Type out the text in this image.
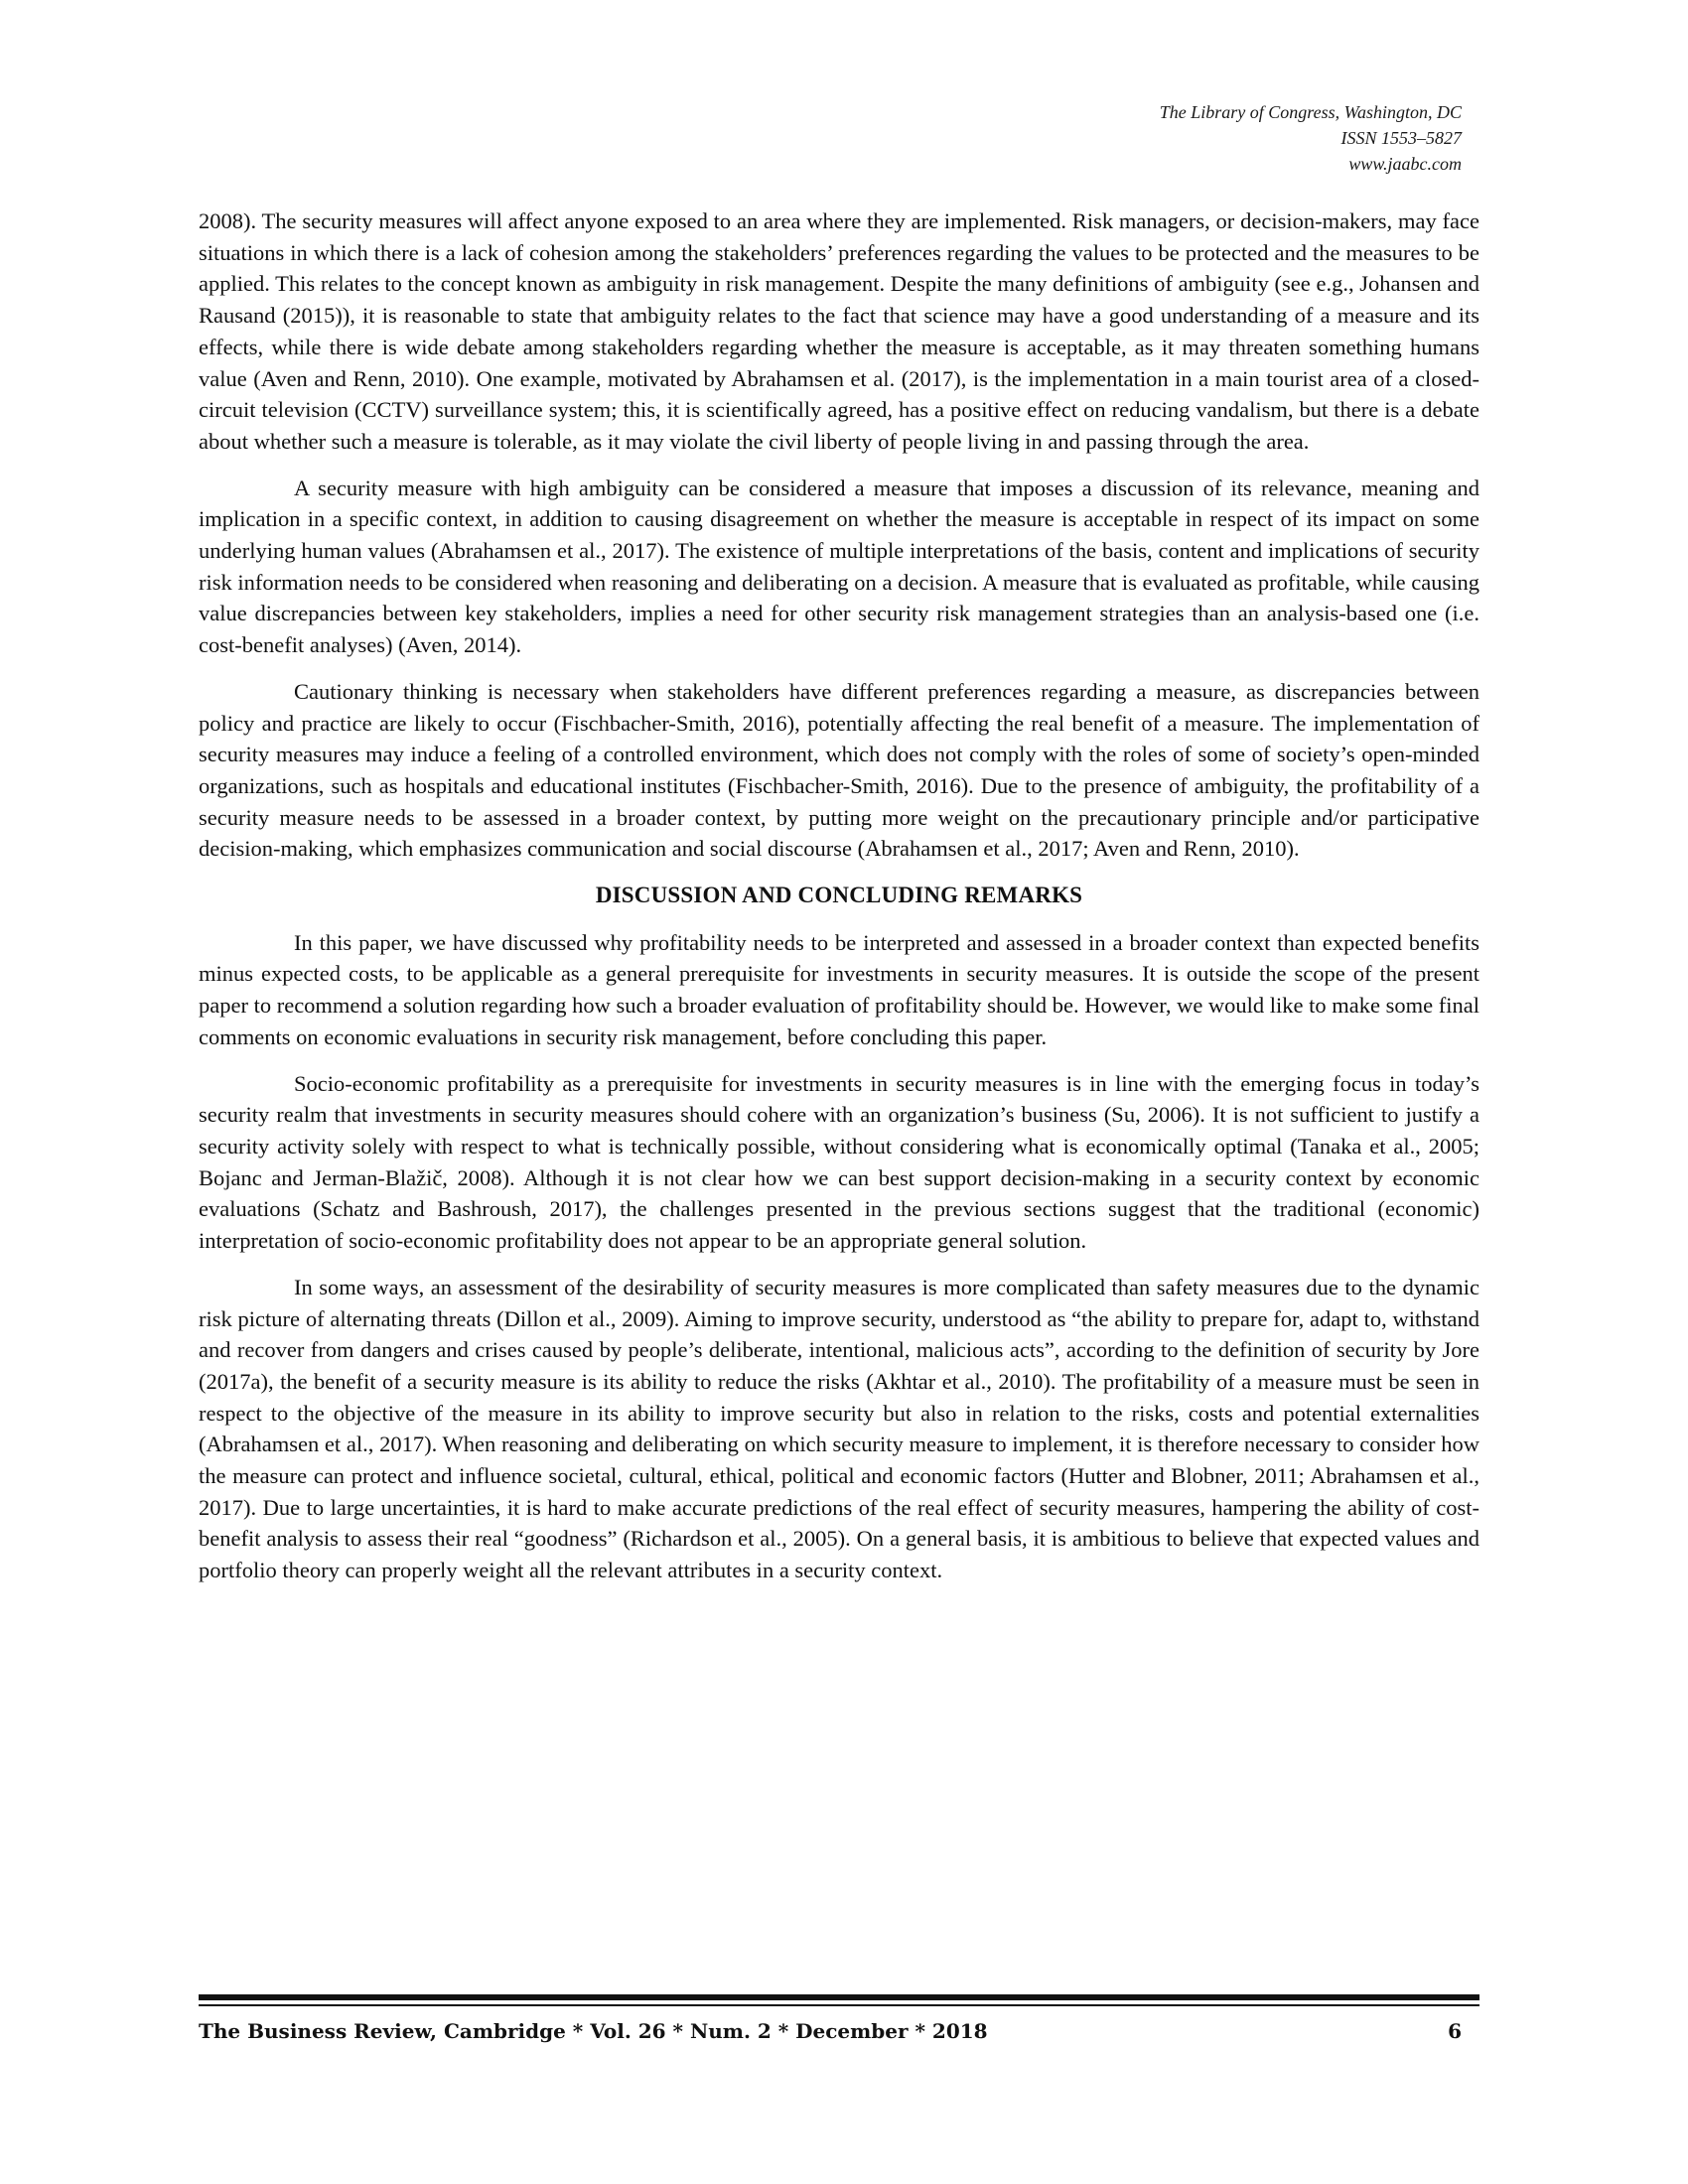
The Library of Congress, Washington, DC
ISSN 1553–5827
www.jaabc.com

2008). The security measures will affect anyone exposed to an area where they are implemented. Risk managers, or decision-makers, may face situations in which there is a lack of cohesion among the stakeholders’ preferences regarding the values to be protected and the measures to be applied. This relates to the concept known as ambiguity in risk management. Despite the many definitions of ambiguity (see e.g., Johansen and Rausand (2015)), it is reasonable to state that ambiguity relates to the fact that science may have a good understanding of a measure and its effects, while there is wide debate among stakeholders regarding whether the measure is acceptable, as it may threaten something humans value (Aven and Renn, 2010). One example, motivated by Abrahamsen et al. (2017), is the implementation in a main tourist area of a closed-circuit television (CCTV) surveillance system; this, it is scientifically agreed, has a positive effect on reducing vandalism, but there is a debate about whether such a measure is tolerable, as it may violate the civil liberty of people living in and passing through the area.

A security measure with high ambiguity can be considered a measure that imposes a discussion of its relevance, meaning and implication in a specific context, in addition to causing disagreement on whether the measure is acceptable in respect of its impact on some underlying human values (Abrahamsen et al., 2017). The existence of multiple interpretations of the basis, content and implications of security risk information needs to be considered when reasoning and deliberating on a decision. A measure that is evaluated as profitable, while causing value discrepancies between key stakeholders, implies a need for other security risk management strategies than an analysis-based one (i.e. cost-benefit analyses) (Aven, 2014).

Cautionary thinking is necessary when stakeholders have different preferences regarding a measure, as discrepancies between policy and practice are likely to occur (Fischbacher-Smith, 2016), potentially affecting the real benefit of a measure. The implementation of security measures may induce a feeling of a controlled environment, which does not comply with the roles of some of society’s open-minded organizations, such as hospitals and educational institutes (Fischbacher-Smith, 2016). Due to the presence of ambiguity, the profitability of a security measure needs to be assessed in a broader context, by putting more weight on the precautionary principle and/or participative decision-making, which emphasizes communication and social discourse (Abrahamsen et al., 2017; Aven and Renn, 2010).

DISCUSSION AND CONCLUDING REMARKS

In this paper, we have discussed why profitability needs to be interpreted and assessed in a broader context than expected benefits minus expected costs, to be applicable as a general prerequisite for investments in security measures. It is outside the scope of the present paper to recommend a solution regarding how such a broader evaluation of profitability should be. However, we would like to make some final comments on economic evaluations in security risk management, before concluding this paper.

Socio-economic profitability as a prerequisite for investments in security measures is in line with the emerging focus in today’s security realm that investments in security measures should cohere with an organization’s business (Su, 2006). It is not sufficient to justify a security activity solely with respect to what is technically possible, without considering what is economically optimal (Tanaka et al., 2005; Bojanc and Jerman-Blažič, 2008). Although it is not clear how we can best support decision-making in a security context by economic evaluations (Schatz and Bashroush, 2017), the challenges presented in the previous sections suggest that the traditional (economic) interpretation of socio-economic profitability does not appear to be an appropriate general solution.

In some ways, an assessment of the desirability of security measures is more complicated than safety measures due to the dynamic risk picture of alternating threats (Dillon et al., 2009). Aiming to improve security, understood as “the ability to prepare for, adapt to, withstand and recover from dangers and crises caused by people’s deliberate, intentional, malicious acts”, according to the definition of security by Jore (2017a), the benefit of a security measure is its ability to reduce the risks (Akhtar et al., 2010). The profitability of a measure must be seen in respect to the objective of the measure in its ability to improve security but also in relation to the risks, costs and potential externalities (Abrahamsen et al., 2017). When reasoning and deliberating on which security measure to implement, it is therefore necessary to consider how the measure can protect and influence societal, cultural, ethical, political and economic factors (Hutter and Blobner, 2011; Abrahamsen et al., 2017). Due to large uncertainties, it is hard to make accurate predictions of the real effect of security measures, hampering the ability of cost-benefit analysis to assess their real “goodness” (Richardson et al., 2005). On a general basis, it is ambitious to believe that expected values and portfolio theory can properly weight all the relevant attributes in a security context.

The Business Review, Cambridge * Vol. 26 * Num. 2 * December * 2018	6
